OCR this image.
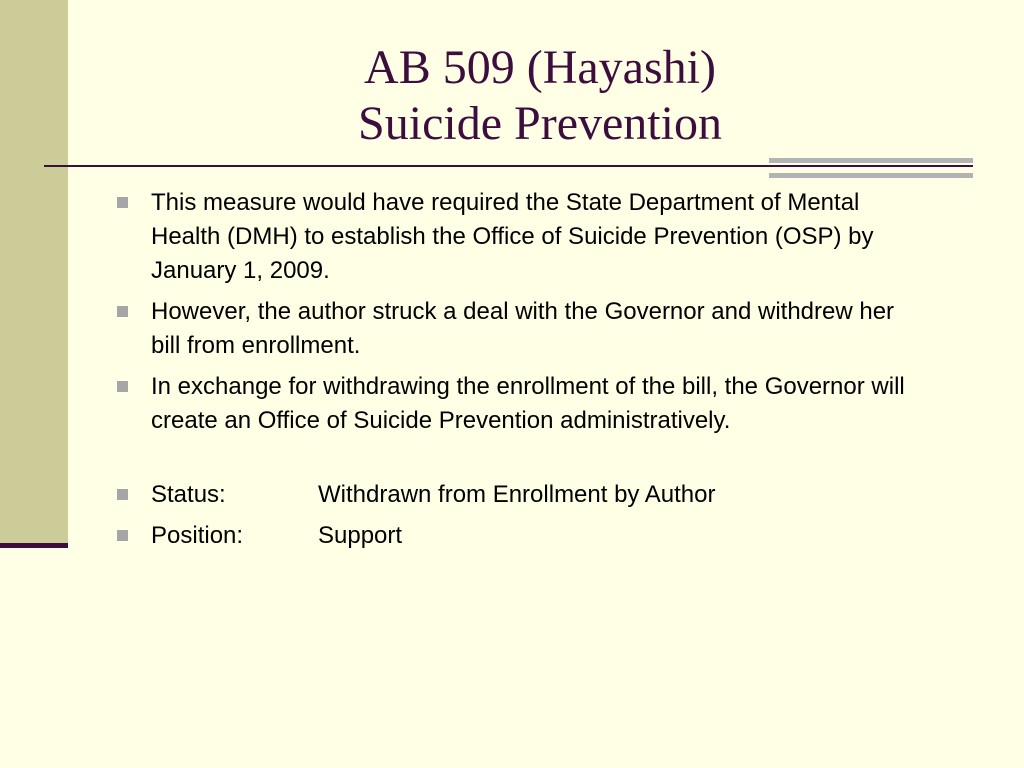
AB 509 (Hayashi)
Suicide Prevention
This measure would have required the State Department of Mental Health (DMH) to establish the Office of Suicide Prevention (OSP) by January 1, 2009.
However, the author struck a deal with the Governor and withdrew her bill from enrollment.
In exchange for withdrawing the enrollment of the bill, the Governor will create an Office of Suicide Prevention administratively.
Status:	Withdrawn from Enrollment by Author
Position:	Support
